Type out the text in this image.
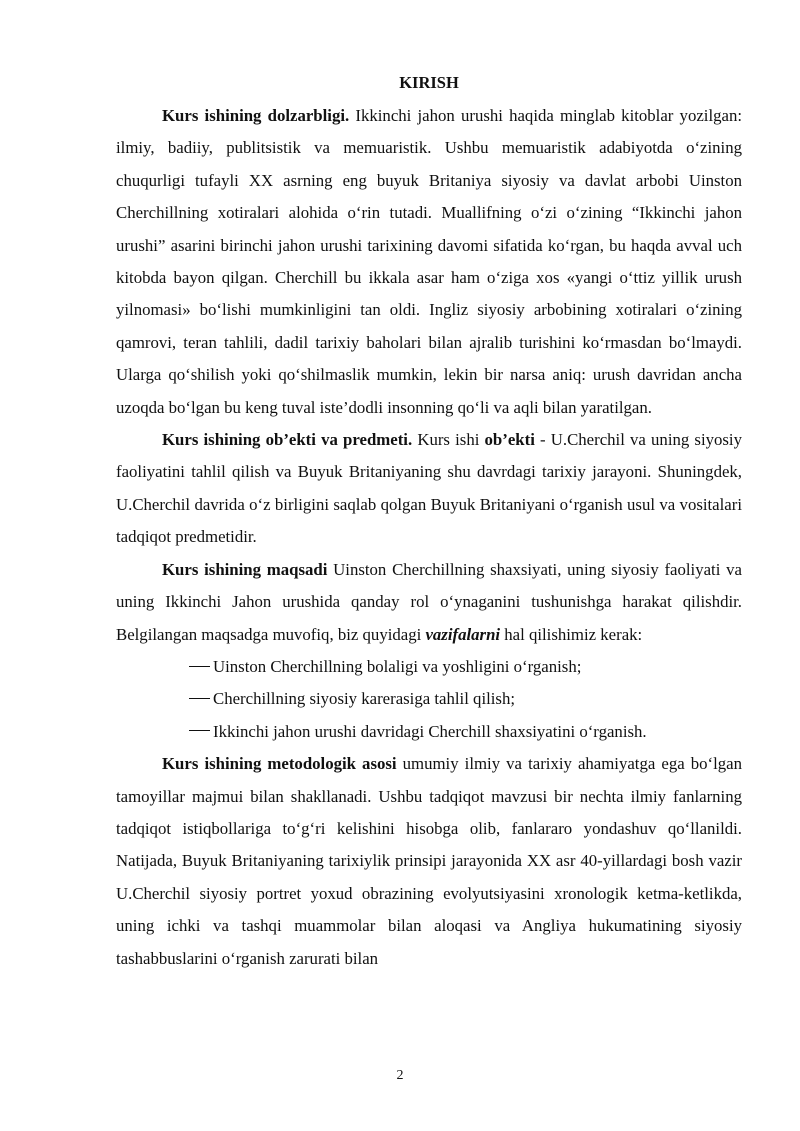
KIRISH

Kurs ishining dolzarbligi. Ikkinchi jahon urushi haqida minglab kitoblar yozilgan: ilmiy, badiiy, publitsistik va memuaristik. Ushbu memuaristik adabiyotda o‘zining chuqurligi tufayli XX asrning eng buyuk Britaniya siyosiy va davlat arbobi Uinston Cherchillning xotiralari alohida o‘rin tutadi. Muallifning o‘zi o‘zining “Ikkinchi jahon urushi” asarini birinchi jahon urushi tarixining davomi sifatida ko‘rgan, bu haqda avval uch kitobda bayon qilgan. Cherchill bu ikkala asar ham o‘ziga xos «yangi o‘ttiz yillik urush yilnomasi» bo‘lishi mumkinligini tan oldi. Ingliz siyosiy arbobining xotiralari o‘zining qamrovi, teran tahlili, dadil tarixiy baholari bilan ajralib turishini ko‘rmasdan bo‘lmaydi. Ularga qo‘shilish yoki qo‘shilmaslik mumkin, lekin bir narsa aniq: urush davridan ancha uzoqda bo‘lgan bu keng tuval iste’dodli insonning qo‘li va aqli bilan yaratilgan.

Kurs ishining ob’ekti va predmeti. Kurs ishi ob’ekti - U.Cherchil va uning siyosiy faoliyatini tahlil qilish va Buyuk Britaniyaning shu davrdagi tarixiy jarayoni. Shuningdek, U.Cherchil davrida o‘z birligini saqlab qolgan Buyuk Britaniyani o‘rganish usul va vositalari tadqiqot predmetidir.

Kurs ishining maqsadi Uinston Cherchillning shaxsiyati, uning siyosiy faoliyati va uning Ikkinchi Jahon urushida qanday rol o‘ynaganini tushunishga harakat qilishdir. Belgilangan maqsadga muvofiq, biz quyidagi vazifalarni hal qilishimiz kerak:

Uinston Cherchillning bolaligi va yoshligini o‘rganish;

Cherchillning siyosiy karerasiga tahlil qilish;

Ikkinchi jahon urushi davridagi Cherchill shaxsiyatini o‘rganish.

Kurs ishining metodologik asosi umumiy ilmiy va tarixiy ahamiyatga ega bo‘lgan tamoyillar majmui bilan shakllanadi. Ushbu tadqiqot mavzusi bir nechta ilmiy fanlarning tadqiqot istiqbollariga to‘g‘ri kelishini hisobga olib, fanlararo yondashuv qo‘llanildi. Natijada, Buyuk Britaniyaning tarixiylik prinsipi jarayonida XX asr 40-yillardagi bosh vazir U.Cherchil siyosiy portret yoxud obrazining evolyutsiyasini xronologik ketma-ketlikda, uning ichki va tashqi muammolar bilan aloqasi va Angliya hukumatining siyosiy tashabbuslarini o‘rganish zarurati bilan

2
